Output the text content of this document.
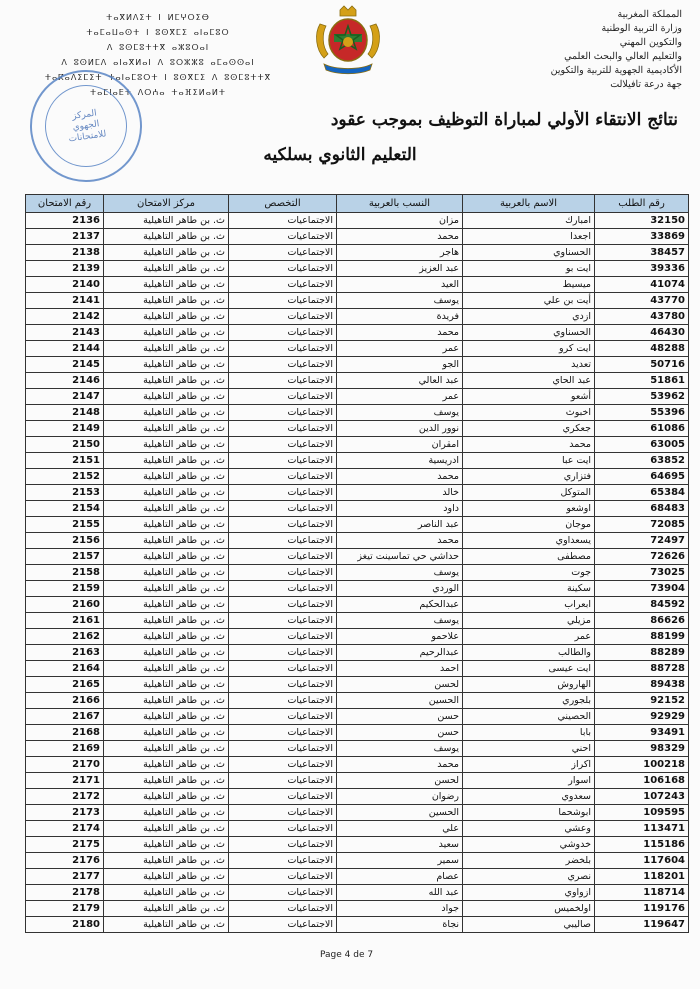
المملكة المغربية
وزارة التربية الوطنية
والتكوين المهني
والتعليم العالي والبحث العلمي
الأكاديمية الجهوية للتربية والتكوين
جهة درعة تافيلالت
ⵜⴰⴳⵍⴷⵉⵜ ⵏ ⵍⵎⵖⵔⵉⴱ
ⵜⴰⵎⴰⵡⴰⵙⵜ ⵏ ⵓⵙⴳⵎⵉ ⴰⵏⴰⵎⵓⵔ
ⴷ ⵓⵙⵎⵓⵜⵜⴳ ⴰⵣⵓⵔⴰⵏ
ⴷ ⵓⵙⵍⵎⴷ ⴰⵏⴰⴳⵍⴰⵏ ⴷ ⵓⵔⵣⵣⵓ ⴰⵎⴰⵙⵙⴰⵏ
ⵜⴰⴽⴰⴷⵉⵎⵉⵜ ⵜⴰⵏⴰⵎⵓⵔⵜ ⵏ ⵓⵙⴳⵎⵉ ⴷ ⵓⵙⵎⵓⵜⵜⴳ
ⵜⴰⵎⵏⴰⴹⵜ ⴷⵔⵄⴰ ⵜⴰⴼⵉⵍⴰⵍⵜ
المركز
الجهوي
للامتحانات
نتائج الانتقاء الأولي لمباراة التوظيف بموجب عقود
التعليم الثانوي بسلكيه
رقم الامتحان	مركز الامتحان	التخصص	النسب بالعربية	الاسم بالعربية	رقم الطلب
2136	ث. بن طاهر التاهيلية	الاجتماعيات	مزان	امبارك	32150
2137	ث. بن طاهر التاهيلية	الاجتماعيات	محمد	اجعدا	33869
2138	ث. بن طاهر التاهيلية	الاجتماعيات	هاجر	الحسناوي	38457
2139	ث. بن طاهر التاهيلية	الاجتماعيات	عبد العزيز	ايت بو	39336
2140	ث. بن طاهر التاهيلية	الاجتماعيات	العيد	ميسيط	41074
2141	ث. بن طاهر التاهيلية	الاجتماعيات	يوسف	أيت بن علي	43770
2142	ث. بن طاهر التاهيلية	الاجتماعيات	فريدة	ازدي	43780
2143	ث. بن طاهر التاهيلية	الاجتماعيات	محمد	الحسناوي	46430
2144	ث. بن طاهر التاهيلية	الاجتماعيات	عمر	ايت كرو	48288
2145	ث. بن طاهر التاهيلية	الاجتماعيات	الجو	تعديد	50716
2146	ث. بن طاهر التاهيلية	الاجتماعيات	عبد العالي	عبد الحاي	51861
2147	ث. بن طاهر التاهيلية	الاجتماعيات	عمر	أشعو	53962
2148	ث. بن طاهر التاهيلية	الاجتماعيات	يوسف	اخبوث	55396
2149	ث. بن طاهر التاهيلية	الاجتماعيات	نوور الدين	جعكري	61086
2150	ث. بن طاهر التاهيلية	الاجتماعيات	امقران	محمد	63005
2151	ث. بن طاهر التاهيلية	الاجتماعيات	ادريسية	ايت عبا	63852
2152	ث. بن طاهر التاهيلية	الاجتماعيات	محمد	فتزاري	64695
2153	ث. بن طاهر التاهيلية	الاجتماعيات	خالد	المتوكل	65384
2154	ث. بن طاهر التاهيلية	الاجتماعيات	داود	اوشعو	68483
2155	ث. بن طاهر التاهيلية	الاجتماعيات	عبد الناصر	موجان	72085
2156	ث. بن طاهر التاهيلية	الاجتماعيات	محمد	يسعداوي	72497
2157	ث. بن طاهر التاهيلية	الاجتماعيات	حداشي حي تماسينت تيغز	مصطفى	72626
2158	ث. بن طاهر التاهيلية	الاجتماعيات	يوسف	جوت	73025
2159	ث. بن طاهر التاهيلية	الاجتماعيات	الوردي	سكينة	73904
2160	ث. بن طاهر التاهيلية	الاجتماعيات	عبدالحكيم	ابعراب	84592
2161	ث. بن طاهر التاهيلية	الاجتماعيات	يوسف	مزيلي	86626
2162	ث. بن طاهر التاهيلية	الاجتماعيات	علاحمو	عمر	88199
2163	ث. بن طاهر التاهيلية	الاجتماعيات	عبدالرحيم	والطالب	88289
2164	ث. بن طاهر التاهيلية	الاجتماعيات	احمد	ايت عيسى	88728
2165	ث. بن طاهر التاهيلية	الاجتماعيات	لحسن	الهاروش	89438
2166	ث. بن طاهر التاهيلية	الاجتماعيات	الحسين	بلجوري	92152
2167	ث. بن طاهر التاهيلية	الاجتماعيات	حسن	الحصيني	92929
2168	ث. بن طاهر التاهيلية	الاجتماعيات	حسن	بابا	93491
2169	ث. بن طاهر التاهيلية	الاجتماعيات	يوسف	احني	98329
2170	ث. بن طاهر التاهيلية	الاجتماعيات	محمد	اكراز	100218
2171	ث. بن طاهر التاهيلية	الاجتماعيات	لحسن	اسوار	106168
2172	ث. بن طاهر التاهيلية	الاجتماعيات	رضوان	سعدوي	107243
2173	ث. بن طاهر التاهيلية	الاجتماعيات	الحسين	ابوشحما	109595
2174	ث. بن طاهر التاهيلية	الاجتماعيات	علي	وعشي	113471
2175	ث. بن طاهر التاهيلية	الاجتماعيات	سعيد	خدوشي	115186
2176	ث. بن طاهر التاهيلية	الاجتماعيات	سمير	بلخضر	117604
2177	ث. بن طاهر التاهيلية	الاجتماعيات	عصام	نصري	118201
2178	ث. بن طاهر التاهيلية	الاجتماعيات	عبد الله	ازواوي	118714
2179	ث. بن طاهر التاهيلية	الاجتماعيات	جواد	اولخميس	119176
2180	ث. بن طاهر التاهيلية	الاجتماعيات	نجاة	صاليبي	119647
Page 4 de 7
